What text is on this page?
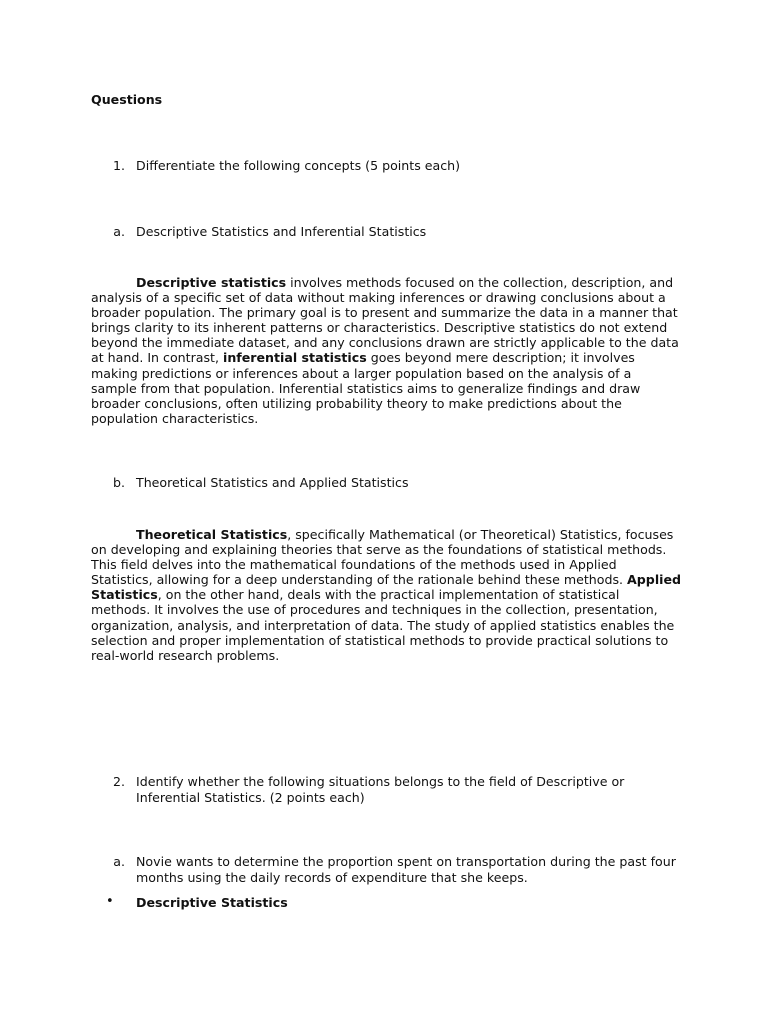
Questions
1. Differentiate the following concepts (5 points each)
a. Descriptive Statistics and Inferential Statistics
Descriptive statistics involves methods focused on the collection, description, and analysis of a specific set of data without making inferences or drawing conclusions about a broader population. The primary goal is to present and summarize the data in a manner that brings clarity to its inherent patterns or characteristics. Descriptive statistics do not extend beyond the immediate dataset, and any conclusions drawn are strictly applicable to the data at hand. In contrast, inferential statistics goes beyond mere description; it involves making predictions or inferences about a larger population based on the analysis of a sample from that population. Inferential statistics aims to generalize findings and draw broader conclusions, often utilizing probability theory to make predictions about the population characteristics.
b. Theoretical Statistics and Applied Statistics
Theoretical Statistics, specifically Mathematical (or Theoretical) Statistics, focuses on developing and explaining theories that serve as the foundations of statistical methods. This field delves into the mathematical foundations of the methods used in Applied Statistics, allowing for a deep understanding of the rationale behind these methods. Applied Statistics, on the other hand, deals with the practical implementation of statistical methods. It involves the use of procedures and techniques in the collection, presentation, organization, analysis, and interpretation of data. The study of applied statistics enables the selection and proper implementation of statistical methods to provide practical solutions to real-world research problems.
2. Identify whether the following situations belongs to the field of Descriptive or Inferential Statistics. (2 points each)
a. Novie wants to determine the proportion spent on transportation during the past four months using the daily records of expenditure that she keeps.
• Descriptive Statistics
